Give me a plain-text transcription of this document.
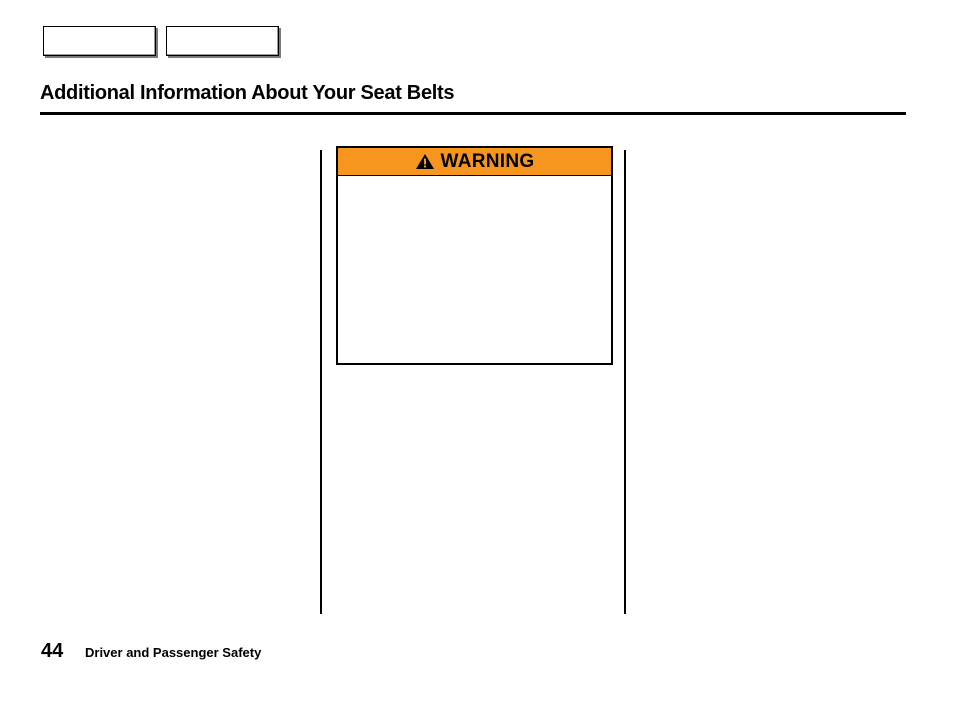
Additional Information About Your Seat Belts
WARNING
44 Driver and Passenger Safety
